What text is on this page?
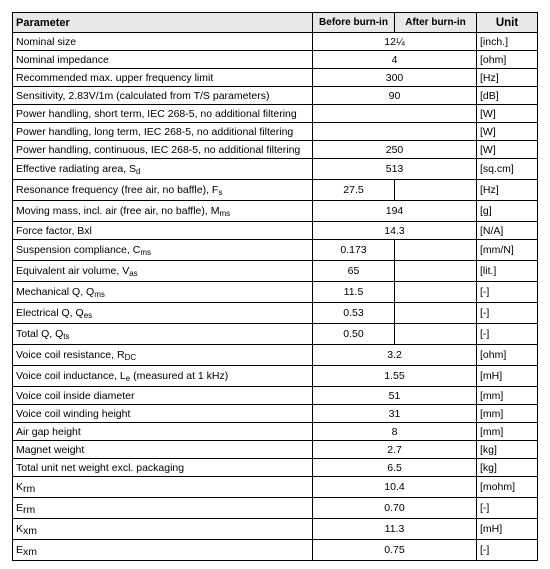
Parameter	Before burn-in	After burn-in	Unit
Nominal size	12¼		[inch.]
Nominal impedance	4		[ohm]
Recommended max. upper frequency limit	300		[Hz]
Sensitivity, 2.83V/1m (calculated from T/S parameters)	90		[dB]
Power handling, short term, IEC 268-5, no additional filtering			[W]
Power handling, long term, IEC 268-5, no additional filtering			[W]
Power handling, continuous, IEC 268-5, no additional filtering	250		[W]
Effective radiating area, $S_d$	513		[sq.cm]
Resonance frequency (free air, no baffle), $F_s$	27.5		[Hz]
Moving mass, incl. air (free air, no baffle), $M_{ms}$	194		[g]
Force factor, Bxl	14.3		[N/A]
Suspension compliance, $C_{ms}$	0.173		[mm/N]
Equivalent air volume, $V_{as}$	65		[lit.]
Mechanical Q, $Q_{ms}$	11.5		[-]
Electrical Q, $Q_{es}$	0.53		[-]
Total Q, $Q_{ts}$	0.50		[-]
Voice coil resistance, $R_{DC}$	3.2		[ohm]
Voice coil inductance, $L_e$ (measured at 1 kHz)	1.55		[mH]
Voice coil inside diameter	51		[mm]
Voice coil winding height	31		[mm]
Air gap height	8		[mm]
Magnet weight	2.7		[kg]
Total unit net weight excl. packaging	6.5		[kg]
$K_{rm}$	10.4		[mohm]
$E_{rm}$	0.70		[-]
$K_{xm}$	11.3		[mH]
$E_{xm}$	0.75		[-]
